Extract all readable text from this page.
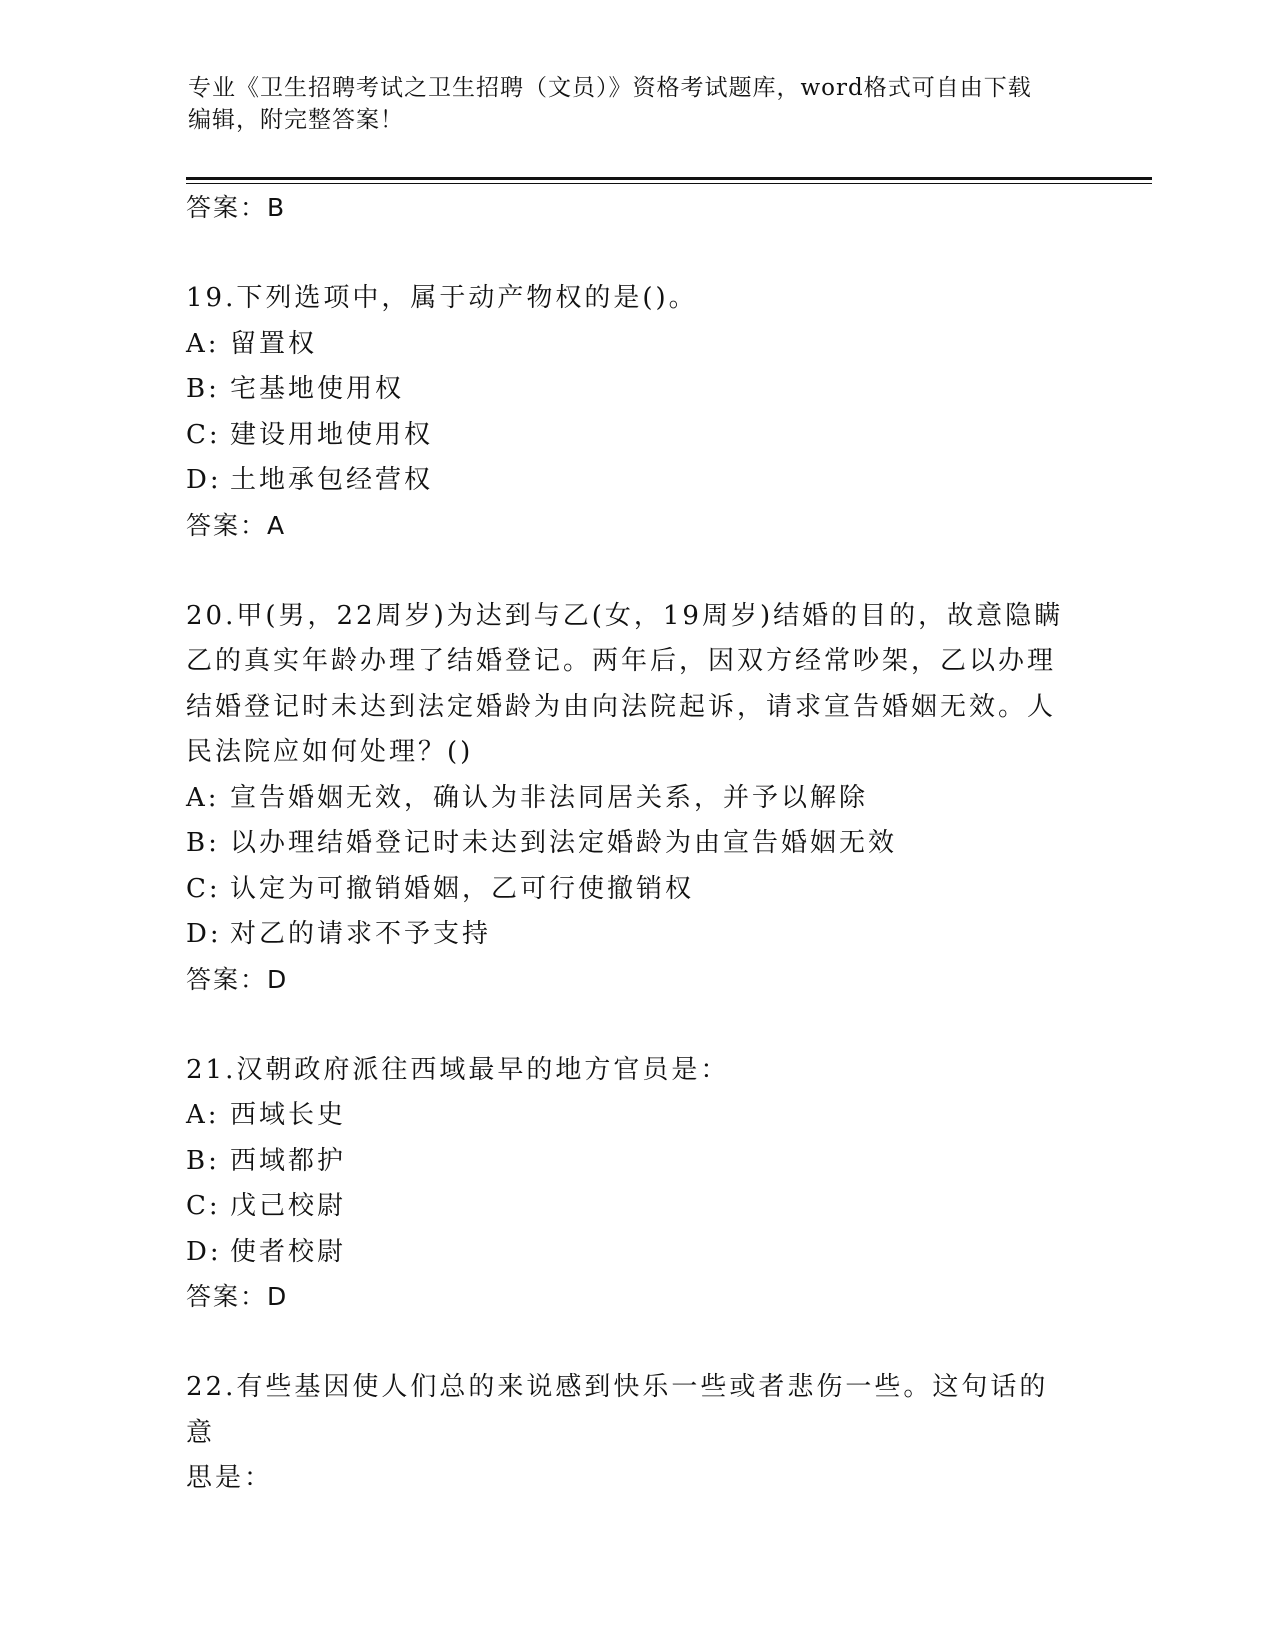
专业《卫生招聘考试之卫生招聘（文员）》资格考试题库，word格式可自由下载
编辑，附完整答案！
答案：B
19.下列选项中，属于动产物权的是()。
A: 留置权
B: 宅基地使用权
C: 建设用地使用权
D: 土地承包经营权
答案：A
20.甲(男，22周岁)为达到与乙(女，19周岁)结婚的目的，故意隐瞒
乙的真实年龄办理了结婚登记。两年后，因双方经常吵架，乙以办理
结婚登记时未达到法定婚龄为由向法院起诉，请求宣告婚姻无效。人
民法院应如何处理？()
A: 宣告婚姻无效，确认为非法同居关系，并予以解除
B: 以办理结婚登记时未达到法定婚龄为由宣告婚姻无效
C: 认定为可撤销婚姻，乙可行使撤销权
D: 对乙的请求不予支持
答案：D
21.汉朝政府派往西域最早的地方官员是：
A: 西域长史
B: 西域都护
C: 戊己校尉
D: 使者校尉
答案：D
22.有些基因使人们总的来说感到快乐一些或者悲伤一些。这句话的意
思是：
